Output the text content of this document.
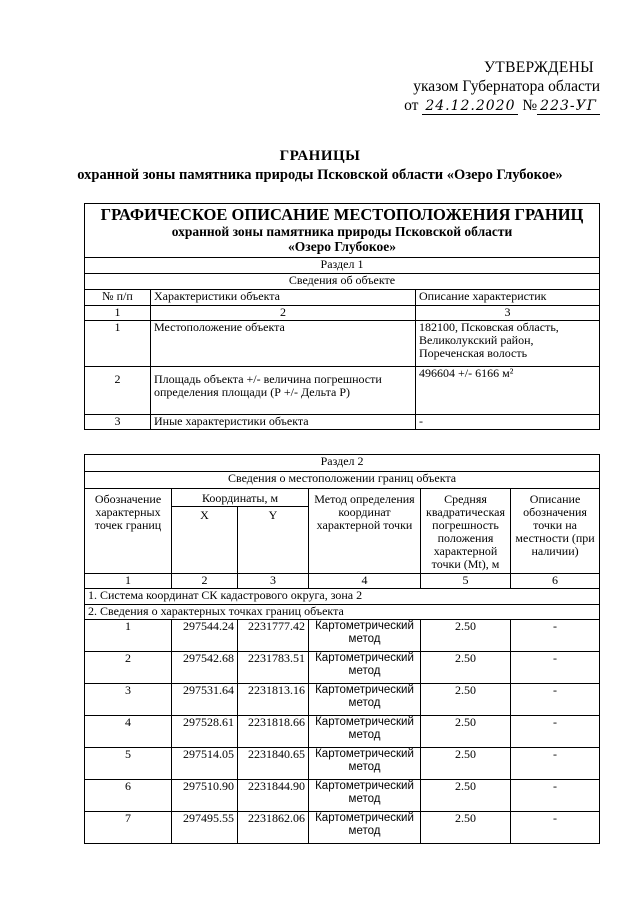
УТВЕРЖДЕНЫ
указом Губернатора области
от 24.12.2020 № 223-УГ
ГРАНИЦЫ
охранной зоны памятника природы Псковской области «Озеро Глубокое»
ГРАФИЧЕСКОЕ ОПИСАНИЕ МЕСТОПОЛОЖЕНИЯ ГРАНИЦ
охранной зоны памятника природы Псковской области
«Озеро Глубокое»		

Раздел 1		
Сведения об объекте		
№ п/п	Характеристики объекта	Описание характеристик
1	2	3
1	Местоположение объекта	182100, Псковская область, Великолукский район, Пореченская волость
2	Площадь объекта +/- величина погрешности определения площади (Р +/- Дельта Р)	496604 +/- 6166 м²
3	Иные характеристики объекта	-
Раздел 2					
Сведения о местоположении границ объекта					
Обозначение характерных точек границ	Координаты, м		Метод определения координат характерной точки	Средняя квадратическая погрешность положения характерной точки (Mt), м	Описание обозначения точки на местности (при наличии)
	X	Y			
1	2	3	4	5	6
1. Система координат СК кадастрового округа, зона 2					
2. Сведения о характерных точках границ объекта					
1	297544.24	2231777.42	Картометрический метод	2.50	-
2	297542.68	2231783.51	Картометрический метод	2.50	-
3	297531.64	2231813.16	Картометрический метод	2.50	-
4	297528.61	2231818.66	Картометрический метод	2.50	-
5	297514.05	2231840.65	Картометрический метод	2.50	-
6	297510.90	2231844.90	Картометрический метод	2.50	-
7	297495.55	2231862.06	Картометрический метод	2.50	-
